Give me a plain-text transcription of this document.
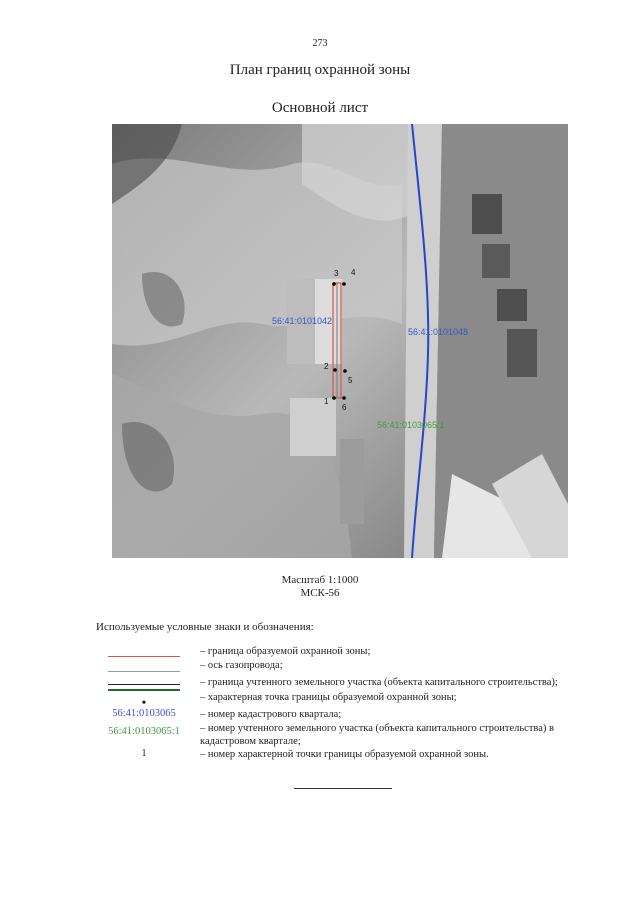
273
План границ охранной зоны
Основной лист
56:41:0101042
56:41:0101048
56:41:0103065:1
1
2
3 4
5
6
Масштаб 1:1000
МСК-56
Используемые условные знаки и обозначения:
– граница образуемой охранной зоны;
– ось газопровода;
– граница учтенного земельного участка (объекта капитального строительства);
– характерная точка границы образуемой охранной зоны;
•
56:41:0103065	– номер кадастрового квартала;
56:41:0103065:1	– номер учтенного земельного участка (объекта капитального строительства) в кадастровом квартале;
1	– номер характерной точки границы образуемой охранной зоны.
